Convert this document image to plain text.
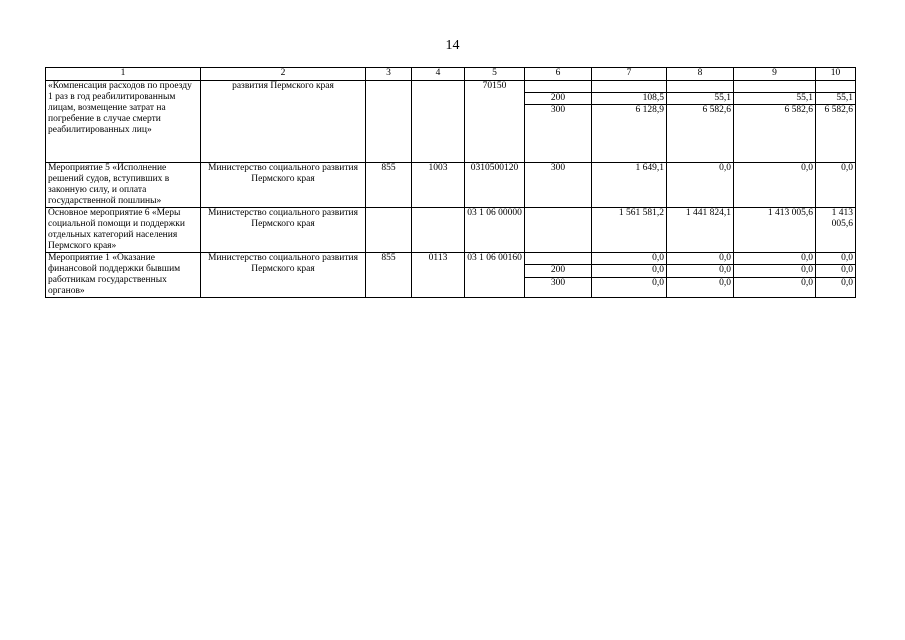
14
1	2	3	4	5	6	7	8	9	10
«Компенсация расходов по проезду 1 раз в год реабилитированным лицам, возмещение затрат на погребение в случае смерти реабилитированных лиц»	развития Пермского края			70150					
					200	108,5	55,1	55,1	55,1
					300	6 128,9	6 582,6	6 582,6	6 582,6
Мероприятие 5 «Исполнение решений судов, вступивших в законную силу, и оплата государственной пошлины»	Министерство социального развития Пермского края	855	1003	0310500120	300	1 649,1	0,0	0,0	0,0
Основное мероприятие 6 «Меры социальной помощи и поддержки отдельных категорий населения Пермского края»	Министерство социального развития Пермского края			03 1 06 00000		1 561 581,2	1 441 824,1	1 413 005,6	1 413 005,6
Мероприятие 1 «Оказание финансовой поддержки бывшим работникам государственных органов»	Министерство социального развития Пермского края	855	0113	03 1 06 00160		0,0	0,0	0,0	0,0
					200	0,0	0,0	0,0	0,0
					300	0,0	0,0	0,0	0,0
